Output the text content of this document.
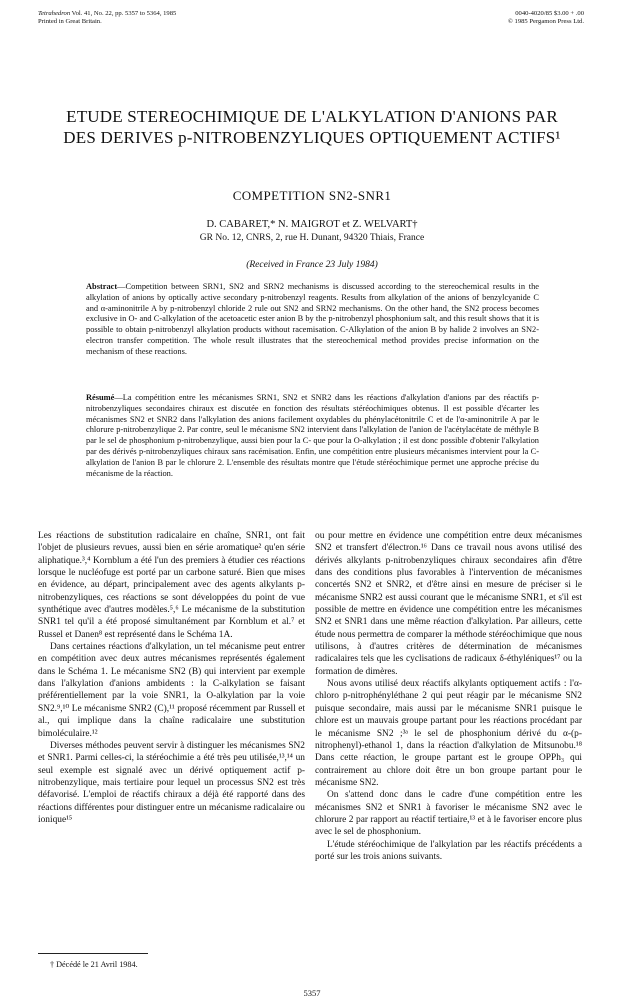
Tetrahedron Vol. 41, No. 22, pp. 5357 to 5364, 1985
Printed in Great Britain.
0040-4020/85 $3.00 + .00
© 1985 Pergamon Press Ltd.
ETUDE STEREOCHIMIQUE DE L'ALKYLATION D'ANIONS PAR DES DERIVES p-NITROBENZYLIQUES OPTIQUEMENT ACTIFS¹
COMPETITION SN2-SNR1
D. CABARET,* N. MAIGROT et Z. WELVART†
GR No. 12, CNRS, 2, rue H. Dunant, 94320 Thiais, France
(Received in France 23 July 1984)
Abstract—Competition between SRN1, SN2 and SRN2 mechanisms is discussed according to the stereochemical results in the alkylation of anions by optically active secondary p-nitrobenzyl reagents. Results from alkylation of the anions of benzylcyanide C and α-aminonitrile A by p-nitrobenzyl chloride 2 rule out SN2 and SRN2 mechanisms. On the other hand, the SN2 process becomes exclusive in O- and C-alkylation of the acetoacetic ester anion B by the p-nitrobenzyl phosphonium salt, and this result shows that it is possible to obtain p-nitrobenzyl alkylation products without racemisation. C-Alkylation of the anion B by halide 2 involves an SN2-electron transfer competition. The whole result illustrates that the stereochemical method provides precise information on the mechanism of these reactions.
Résumé—La compétition entre les mécanismes SRN1, SN2 et SNR2 dans les réactions d'alkylation d'anions par des réactifs p-nitrobenzyliques secondaires chiraux est discutée en fonction des résultats stéréochimiques obtenus. Il est possible d'écarter les mécanismes SN2 et SNR2 dans l'alkylation des anions facilement oxydables du phénylacétonitrile C et de l'α-aminonitrile A par le chlorure p-nitrobenzylique 2. Par contre, seul le mécanisme SN2 intervient dans l'alkylation de l'anion de l'acétylacétate de méthyle B par le sel de phosphonium p-nitrobenzylique, aussi bien pour la C- que pour la O-alkylation ; il est donc possible d'obtenir l'alkylation par des dérivés p-nitrobenzyliques chiraux sans racémisation. Enfin, une compétition entre plusieurs mécanismes intervient pour la C-alkylation de l'anion B par le chlorure 2. L'ensemble des résultats montre que l'étude stéréochimique permet une approche précise du mécanisme de la réaction.

Les réactions de substitution radicalaire en chaîne, SNR1, ont fait l'objet de plusieurs revues, aussi bien en série aromatique² qu'en série aliphatique.³,⁴ Kornblum a été l'un des premiers à étudier ces réactions lorsque le nucléofuge est porté par un carbone saturé. Bien que mises en évidence, au départ, principalement avec des agents alkylants p-nitrobenzyliques, ces réactions se sont développées du point de vue synthétique avec d'autres modèles.⁵,⁶ Le mécanisme de la substitution SNR1 tel qu'il a été proposé simultanément par Kornblum et al.⁷ et Russel et Danen⁸ est représenté dans le Schéma 1A.

Dans certaines réactions d'alkylation, un tel mécanisme peut entrer en compétition avec deux autres mécanismes représentés également dans le Schéma 1. Le mécanisme SN2 (B) qui intervient par exemple dans l'alkylation d'anions ambidents : la C-alkylation se faisant préférentiellement par la voie SNR1, la O-alkylation par la voie SN2.⁹,¹⁰ Le mécanisme SNR2 (C),¹¹ proposé récemment par Russell et al., qui implique dans la chaîne radicalaire une substitution bimoléculaire.¹²

Diverses méthodes peuvent servir à distinguer les mécanismes SN2 et SNR1. Parmi celles-ci, la stéréochimie a été très peu utilisée,¹³,¹⁴ un seul exemple est signalé avec un dérivé optiquement actif p-nitrobenzylique, mais tertiaire pour lequel un processus SN2 est très défavorisé. L'emploi de réactifs chiraux a déjà été rapporté dans des réactions différentes pour distinguer entre un mécanisme radicalaire ou ionique¹⁵

ou pour mettre en évidence une compétition entre deux mécanismes SN2 et transfert d'électron.¹⁶ Dans ce travail nous avons utilisé des dérivés alkylants p-nitrobenzyliques chiraux secondaires afin d'être dans des conditions plus favorables à l'intervention de mécanismes concertés SN2 et SNR2, et d'être ainsi en mesure de préciser si le mécanisme SNR2 est aussi courant que le mécanisme SNR1, et s'il est possible de mettre en évidence une compétition entre les mécanismes SN2 et SNR1 dans une même réaction d'alkylation. Par ailleurs, cette étude nous permettra de comparer la méthode stéréochimique que nous utilisons, à d'autres critères de détermination de mécanismes radicalaires tels que les cyclisations de radicaux δ-éthyléniques¹⁷ ou la formation de dimères.

Nous avons utilisé deux réactifs alkylants optiquement actifs : l'α-chloro p-nitrophényléthane 2 qui peut réagir par le mécanisme SN2 puisque secondaire, mais aussi par le mécanisme SNR1 puisque le chlore est un mauvais groupe partant pour les réactions procédant par le mécanisme SN2 ;³ᵃ le sel de phosphonium dérivé du α-(p-nitrophenyl)-ethanol 1, dans la réaction d'alkylation de Mitsunobu.¹⁸ Dans cette réaction, le groupe partant est le groupe OPPh₃ qui contrairement au chlore doit être un bon groupe partant pour le mécanisme SN2.

On s'attend donc dans le cadre d'une compétition entre les mécanismes SN2 et SNR1 à favoriser le mécanisme SN2 avec le chlorure 2 par rapport au réactif tertiaire,¹³ et à le favoriser encore plus avec le sel de phosphonium.

L'étude stéréochimique de l'alkylation par les réactifs précédents a porté sur les trois anions suivants.

† Décédé le 21 Avril 1984.
5357
